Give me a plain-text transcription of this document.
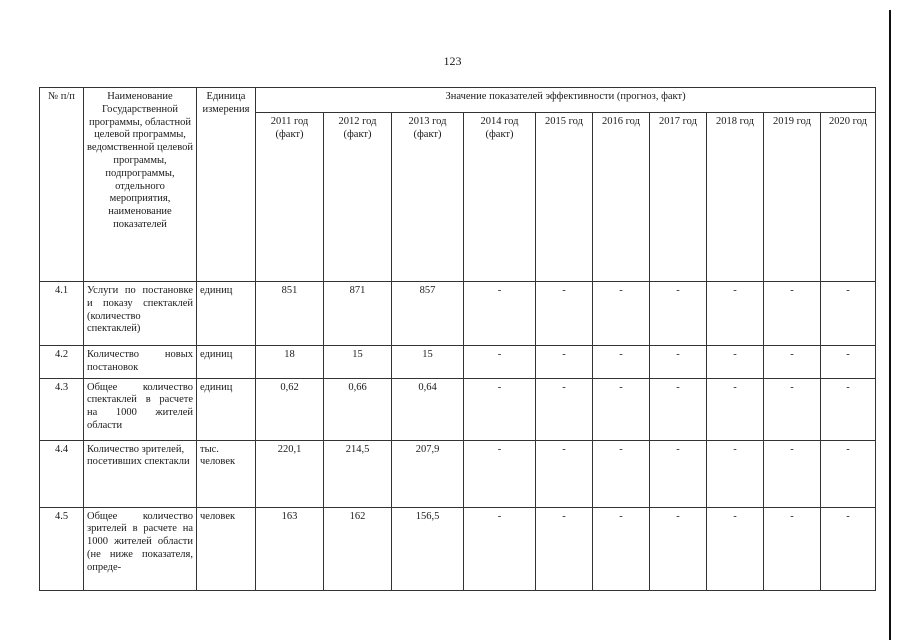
123
№ п/п	Наименование Государственной программы, областной целевой программы, ведомственной целевой программы, подпрограммы, отдельного мероприятия, наименование показателей	Единица измерения	Значение показателей эффективности (прогноз, факт)									
			2011 год (факт)	2012 год (факт)	2013 год (факт)	2014 год (факт)	2015 год	2016 год	2017 год	2018 год	2019 год	2020 год
4.1	Услуги по постановке и показу спектаклей (количество спектаклей)	единиц	851	871	857	-	-	-	-	-	-	-
4.2	Количество новых постановок	единиц	18	15	15	-	-	-	-	-	-	-
4.3	Общее количество спектаклей в расчете на 1000 жителей области	единиц	0,62	0,66	0,64	-	-	-	-	-	-	-
4.4	Количество зрителей, посетивших спектакли	тыс. человек	220,1	214,5	207,9	-	-	-	-	-	-	-
4.5	Общее количество зрителей в расчете на 1000 жителей области (не ниже показателя, опреде-	человек	163	162	156,5	-	-	-	-	-	-	-
